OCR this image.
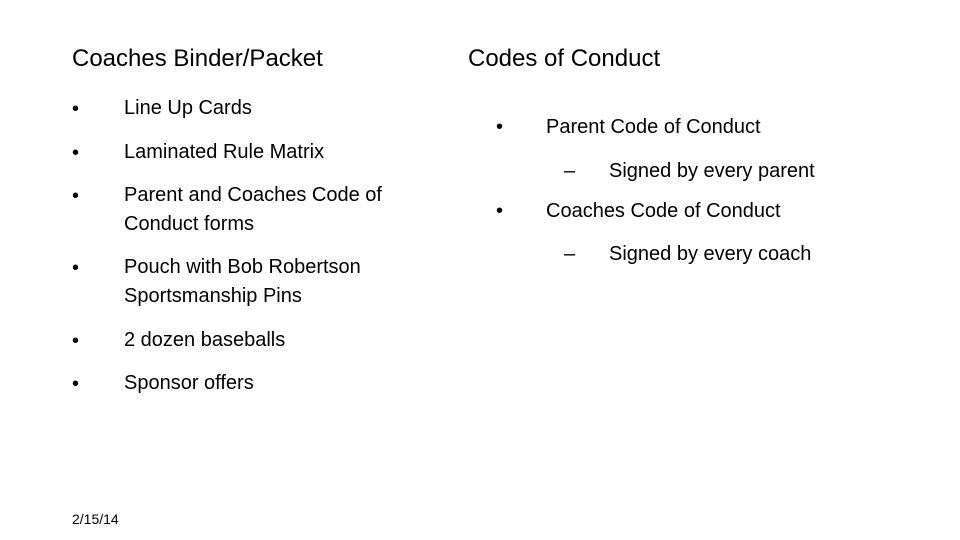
Coaches Binder/Packet	Codes of Conduct
• Line Up Cards
• Laminated Rule Matrix
• Parent and Coaches Code of Conduct forms
• Pouch with Bob Robertson Sportsmanship Pins
• 2 dozen baseballs
• Sponsor offers
• Parent Code of Conduct
– Signed by every parent
• Coaches Code of Conduct
– Signed by every coach
2/15/14
